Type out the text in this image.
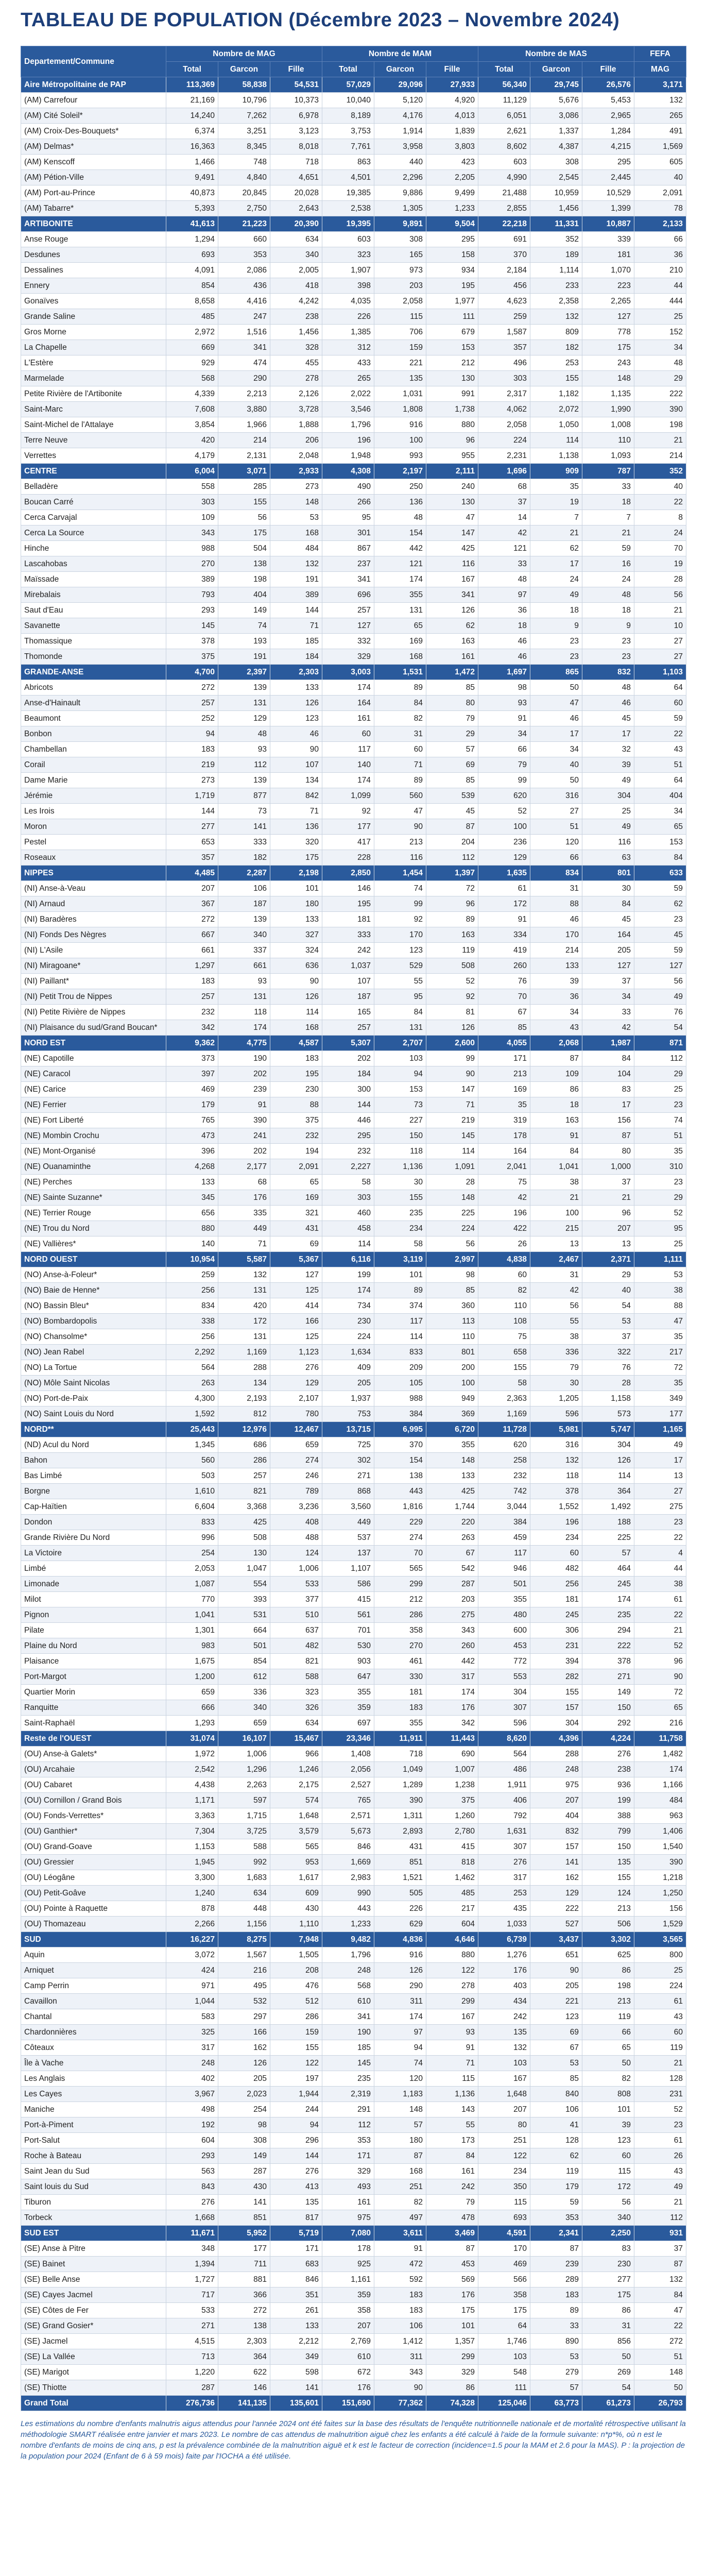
TABLEAU DE POPULATION (Décembre 2023 – Novembre 2024)
Departement/Commune	Nombre de MAG			Nombre de MAM			Nombre de MAS			FEFA
	Total	Garcon	Fille	Total	Garcon	Fille	Total	Garcon	Fille	MAG
Aire Métropolitaine de PAP	113,369	58,838	54,531	57,029	29,096	27,933	56,340	29,745	26,576	3,171
(AM) Carrefour	21,169	10,796	10,373	10,040	5,120	4,920	11,129	5,676	5,453	132
(AM) Cité Soleil*	14,240	7,262	6,978	8,189	4,176	4,013	6,051	3,086	2,965	265
(AM) Croix-Des-Bouquets*	6,374	3,251	3,123	3,753	1,914	1,839	2,621	1,337	1,284	491
(AM) Delmas*	16,363	8,345	8,018	7,761	3,958	3,803	8,602	4,387	4,215	1,569
(AM) Kenscoff	1,466	748	718	863	440	423	603	308	295	605
(AM) Pétion-Ville	9,491	4,840	4,651	4,501	2,296	2,205	4,990	2,545	2,445	40
(AM) Port-au-Prince	40,873	20,845	20,028	19,385	9,886	9,499	21,488	10,959	10,529	2,091
(AM) Tabarre*	5,393	2,750	2,643	2,538	1,305	1,233	2,855	1,456	1,399	78
ARTIBONITE	41,613	21,223	20,390	19,395	9,891	9,504	22,218	11,331	10,887	2,133
Anse Rouge	1,294	660	634	603	308	295	691	352	339	66
Desdunes	693	353	340	323	165	158	370	189	181	36
Dessalines	4,091	2,086	2,005	1,907	973	934	2,184	1,114	1,070	210
Ennery	854	436	418	398	203	195	456	233	223	44
Gonaïves	8,658	4,416	4,242	4,035	2,058	1,977	4,623	2,358	2,265	444
Grande Saline	485	247	238	226	115	111	259	132	127	25
Gros Morne	2,972	1,516	1,456	1,385	706	679	1,587	809	778	152
La Chapelle	669	341	328	312	159	153	357	182	175	34
L'Estère	929	474	455	433	221	212	496	253	243	48
Marmelade	568	290	278	265	135	130	303	155	148	29
Petite Rivière de l'Artibonite	4,339	2,213	2,126	2,022	1,031	991	2,317	1,182	1,135	222
Saint-Marc	7,608	3,880	3,728	3,546	1,808	1,738	4,062	2,072	1,990	390
Saint-Michel de l'Attalaye	3,854	1,966	1,888	1,796	916	880	2,058	1,050	1,008	198
Terre Neuve	420	214	206	196	100	96	224	114	110	21
Verrettes	4,179	2,131	2,048	1,948	993	955	2,231	1,138	1,093	214
CENTRE	6,004	3,071	2,933	4,308	2,197	2,111	1,696	909	787	352
Belladère	558	285	273	490	250	240	68	35	33	40
Boucan Carré	303	155	148	266	136	130	37	19	18	22
Cerca Carvajal	109	56	53	95	48	47	14	7	7	8
Cerca La Source	343	175	168	301	154	147	42	21	21	24
Hinche	988	504	484	867	442	425	121	62	59	70
Lascahobas	270	138	132	237	121	116	33	17	16	19
Maïssade	389	198	191	341	174	167	48	24	24	28
Mirebalais	793	404	389	696	355	341	97	49	48	56
Saut d'Eau	293	149	144	257	131	126	36	18	18	21
Savanette	145	74	71	127	65	62	18	9	9	10
Thomassique	378	193	185	332	169	163	46	23	23	27
Thomonde	375	191	184	329	168	161	46	23	23	27
GRANDE-ANSE	4,700	2,397	2,303	3,003	1,531	1,472	1,697	865	832	1,103
Abricots	272	139	133	174	89	85	98	50	48	64
Anse-d'Hainault	257	131	126	164	84	80	93	47	46	60
Beaumont	252	129	123	161	82	79	91	46	45	59
Bonbon	94	48	46	60	31	29	34	17	17	22
Chambellan	183	93	90	117	60	57	66	34	32	43
Corail	219	112	107	140	71	69	79	40	39	51
Dame Marie	273	139	134	174	89	85	99	50	49	64
Jérémie	1,719	877	842	1,099	560	539	620	316	304	404
Les Irois	144	73	71	92	47	45	52	27	25	34
Moron	277	141	136	177	90	87	100	51	49	65
Pestel	653	333	320	417	213	204	236	120	116	153
Roseaux	357	182	175	228	116	112	129	66	63	84
NIPPES	4,485	2,287	2,198	2,850	1,454	1,397	1,635	834	801	633
(NI) Anse-à-Veau	207	106	101	146	74	72	61	31	30	59
(NI) Arnaud	367	187	180	195	99	96	172	88	84	62
(NI) Baradères	272	139	133	181	92	89	91	46	45	23
(NI) Fonds Des Nègres	667	340	327	333	170	163	334	170	164	45
(NI) L'Asile	661	337	324	242	123	119	419	214	205	59
(NI) Miragoane*	1,297	661	636	1,037	529	508	260	133	127	127
(NI) Paillant*	183	93	90	107	55	52	76	39	37	56
(NI) Petit Trou de Nippes	257	131	126	187	95	92	70	36	34	49
(NI) Petite Rivière de Nippes	232	118	114	165	84	81	67	34	33	76
(NI) Plaisance du sud/Grand Boucan*	342	174	168	257	131	126	85	43	42	54
NORD EST	9,362	4,775	4,587	5,307	2,707	2,600	4,055	2,068	1,987	871
(NE) Capotille	373	190	183	202	103	99	171	87	84	112
(NE) Caracol	397	202	195	184	94	90	213	109	104	29
(NE) Carice	469	239	230	300	153	147	169	86	83	25
(NE) Ferrier	179	91	88	144	73	71	35	18	17	23
(NE) Fort Liberté	765	390	375	446	227	219	319	163	156	74
(NE) Mombin Crochu	473	241	232	295	150	145	178	91	87	51
(NE) Mont-Organisé	396	202	194	232	118	114	164	84	80	35
(NE) Ouanaminthe	4,268	2,177	2,091	2,227	1,136	1,091	2,041	1,041	1,000	310
(NE) Perches	133	68	65	58	30	28	75	38	37	23
(NE) Sainte Suzanne*	345	176	169	303	155	148	42	21	21	29
(NE) Terrier Rouge	656	335	321	460	235	225	196	100	96	52
(NE) Trou du Nord	880	449	431	458	234	224	422	215	207	95
(NE) Vallières*	140	71	69	114	58	56	26	13	13	25
NORD OUEST	10,954	5,587	5,367	6,116	3,119	2,997	4,838	2,467	2,371	1,111
(NO) Anse-à-Foleur*	259	132	127	199	101	98	60	31	29	53
(NO) Baie de Henne*	256	131	125	174	89	85	82	42	40	38
(NO) Bassin Bleu*	834	420	414	734	374	360	110	56	54	88
(NO) Bombardopolis	338	172	166	230	117	113	108	55	53	47
(NO) Chansolme*	256	131	125	224	114	110	75	38	37	35
(NO) Jean Rabel	2,292	1,169	1,123	1,634	833	801	658	336	322	217
(NO) La Tortue	564	288	276	409	209	200	155	79	76	72
(NO) Môle Saint Nicolas	263	134	129	205	105	100	58	30	28	35
(NO) Port-de-Paix	4,300	2,193	2,107	1,937	988	949	2,363	1,205	1,158	349
(NO) Saint Louis du Nord	1,592	812	780	753	384	369	1,169	596	573	177
NORD**	25,443	12,976	12,467	13,715	6,995	6,720	11,728	5,981	5,747	1,165
(ND) Acul du Nord	1,345	686	659	725	370	355	620	316	304	49
Bahon	560	286	274	302	154	148	258	132	126	17
Bas Limbé	503	257	246	271	138	133	232	118	114	13
Borgne	1,610	821	789	868	443	425	742	378	364	27
Cap-Haïtien	6,604	3,368	3,236	3,560	1,816	1,744	3,044	1,552	1,492	275
Dondon	833	425	408	449	229	220	384	196	188	23
Grande Rivière Du Nord	996	508	488	537	274	263	459	234	225	22
La Victoire	254	130	124	137	70	67	117	60	57	4
Limbé	2,053	1,047	1,006	1,107	565	542	946	482	464	44
Limonade	1,087	554	533	586	299	287	501	256	245	38
Milot	770	393	377	415	212	203	355	181	174	61
Pignon	1,041	531	510	561	286	275	480	245	235	22
Pilate	1,301	664	637	701	358	343	600	306	294	21
Plaine du Nord	983	501	482	530	270	260	453	231	222	52
Plaisance	1,675	854	821	903	461	442	772	394	378	96
Port-Margot	1,200	612	588	647	330	317	553	282	271	90
Quartier Morin	659	336	323	355	181	174	304	155	149	72
Ranquitte	666	340	326	359	183	176	307	157	150	65
Saint-Raphaël	1,293	659	634	697	355	342	596	304	292	216
Reste de l'OUEST	31,074	16,107	15,467	23,346	11,911	11,443	8,620	4,396	4,224	11,758
(OU) Anse-à Galets*	1,972	1,006	966	1,408	718	690	564	288	276	1,482
(OU) Arcahaie	2,542	1,296	1,246	2,056	1,049	1,007	486	248	238	174
(OU) Cabaret	4,438	2,263	2,175	2,527	1,289	1,238	1,911	975	936	1,166
(OU) Cornillon / Grand Bois	1,171	597	574	765	390	375	406	207	199	484
(OU) Fonds-Verrettes*	3,363	1,715	1,648	2,571	1,311	1,260	792	404	388	963
(OU) Ganthier*	7,304	3,725	3,579	5,673	2,893	2,780	1,631	832	799	1,406
(OU) Grand-Goave	1,153	588	565	846	431	415	307	157	150	1,540
(OU) Gressier	1,945	992	953	1,669	851	818	276	141	135	390
(OU) Léogâne	3,300	1,683	1,617	2,983	1,521	1,462	317	162	155	1,218
(OU) Petit-Goâve	1,240	634	609	990	505	485	253	129	124	1,250
(OU) Pointe à Raquette	878	448	430	443	226	217	435	222	213	156
(OU) Thomazeau	2,266	1,156	1,110	1,233	629	604	1,033	527	506	1,529
SUD	16,227	8,275	7,948	9,482	4,836	4,646	6,739	3,437	3,302	3,565
Aquin	3,072	1,567	1,505	1,796	916	880	1,276	651	625	800
Arniquet	424	216	208	248	126	122	176	90	86	25
Camp Perrin	971	495	476	568	290	278	403	205	198	224
Cavaillon	1,044	532	512	610	311	299	434	221	213	61
Chantal	583	297	286	341	174	167	242	123	119	43
Chardonnières	325	166	159	190	97	93	135	69	66	60
Côteaux	317	162	155	185	94	91	132	67	65	119
Île à Vache	248	126	122	145	74	71	103	53	50	21
Les Anglais	402	205	197	235	120	115	167	85	82	128
Les Cayes	3,967	2,023	1,944	2,319	1,183	1,136	1,648	840	808	231
Maniche	498	254	244	291	148	143	207	106	101	52
Port-à-Piment	192	98	94	112	57	55	80	41	39	23
Port-Salut	604	308	296	353	180	173	251	128	123	61
Roche à Bateau	293	149	144	171	87	84	122	62	60	26
Saint Jean du Sud	563	287	276	329	168	161	234	119	115	43
Saint louis du Sud	843	430	413	493	251	242	350	179	172	49
Tiburon	276	141	135	161	82	79	115	59	56	21
Torbeck	1,668	851	817	975	497	478	693	353	340	112
SUD EST	11,671	5,952	5,719	7,080	3,611	3,469	4,591	2,341	2,250	931
(SE) Anse à Pitre	348	177	171	178	91	87	170	87	83	37
(SE) Bainet	1,394	711	683	925	472	453	469	239	230	87
(SE) Belle Anse	1,727	881	846	1,161	592	569	566	289	277	132
(SE) Cayes Jacmel	717	366	351	359	183	176	358	183	175	84
(SE) Côtes de Fer	533	272	261	358	183	175	175	89	86	47
(SE) Grand Gosier*	271	138	133	207	106	101	64	33	31	22
(SE) Jacmel	4,515	2,303	2,212	2,769	1,412	1,357	1,746	890	856	272
(SE) La Vallée	713	364	349	610	311	299	103	53	50	51
(SE) Marigot	1,220	622	598	672	343	329	548	279	269	148
(SE) Thiotte	287	146	141	176	90	86	111	57	54	50
Grand Total	276,736	141,135	135,601	151,690	77,362	74,328	125,046	63,773	61,273	26,793
Les estimations du nombre d'enfants malnutris aigus attendus pour l'année 2024 ont été faites sur la base des résultats de l'enquête nutritionnelle nationale et de mortalité rétrospective utilisant la méthodologie SMART réalisée entre janvier et mars 2023. Le nombre de cas attendus de malnutrition aiguë chez les enfants a été calculé à l'aide de la formule suivante: n*p*%, où n est le nombre d'enfants de moins de cinq ans, p est la prévalence combinée de la malnutrition aiguë et k est le facteur de correction (incidence=1.5 pour la MAM et 2.6 pour la MAS). P : la projection de la population pour 2024 (Enfant de 6 à 59 mois) faite par l'IOCHA a été utilisée.
